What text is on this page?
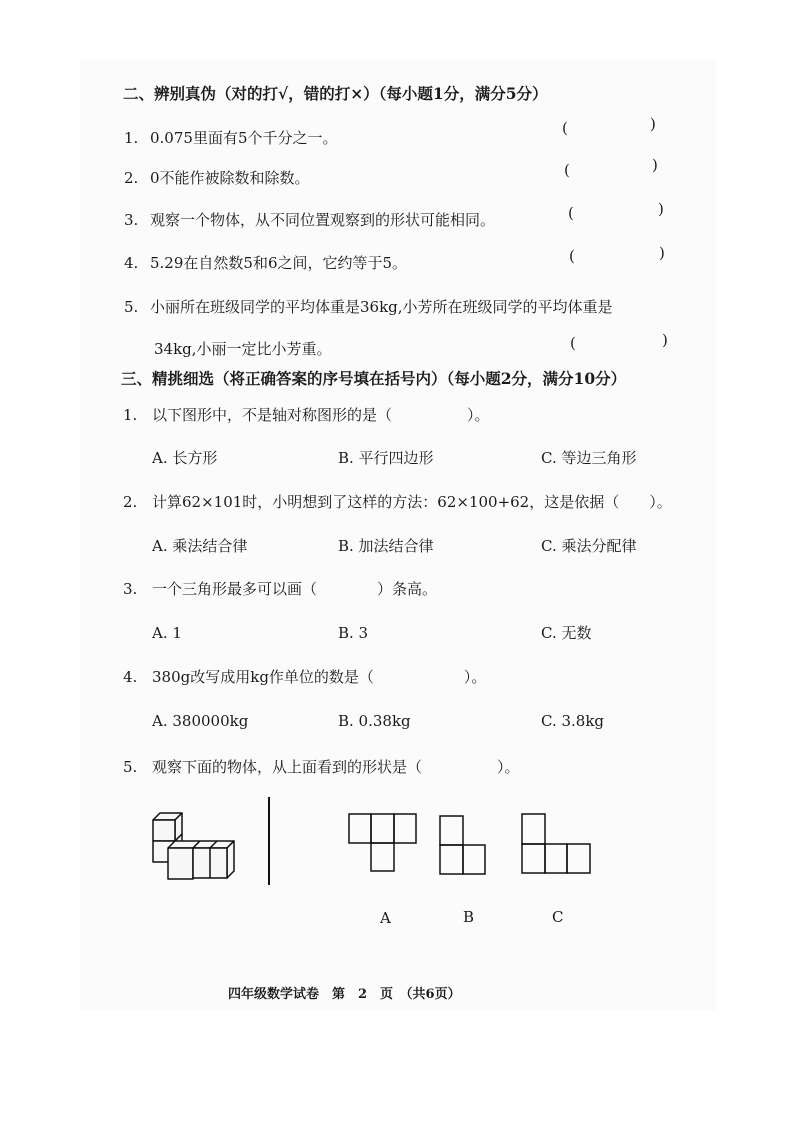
二、辨别真伪（对的打√，错的打×）（每小题1分，满分5分）
1. 0.075里面有5个千分之一。
(	)
2. 0不能作被除数和除数。	(	)
3. 观察一个物体，从不同位置观察到的形状可能相同。	(	)
4. 5.29在自然数5和6之间，它约等于5。	(	)
5. 小丽所在班级同学的平均体重是36kg,小芳所在班级同学的平均体重是
34kg,小丽一定比小芳重。	(	)
三、精挑细选（将正确答案的序号填在括号内）（每小题2分，满分10分）
1. 以下图形中，不是轴对称图形的是（　　　　　）。
A. 长方形	B. 平行四边形	C. 等边三角形
2. 计算62×101时，小明想到了这样的方法：62×100+62，这是依据（　　）。
A. 乘法结合律	B. 加法结合律	C. 乘法分配律
3. 一个三角形最多可以画（　　　　）条高。
A. 1	B. 3	C. 无数
4. 380g改写成用kg作单位的数是（　　　　　　）。
A. 380000kg	B. 0.38kg	C. 3.8kg
5. 观察下面的物体，从上面看到的形状是（　　　　　）。
A	B	C
四年级数学试卷　第　2　页　（共6页）
